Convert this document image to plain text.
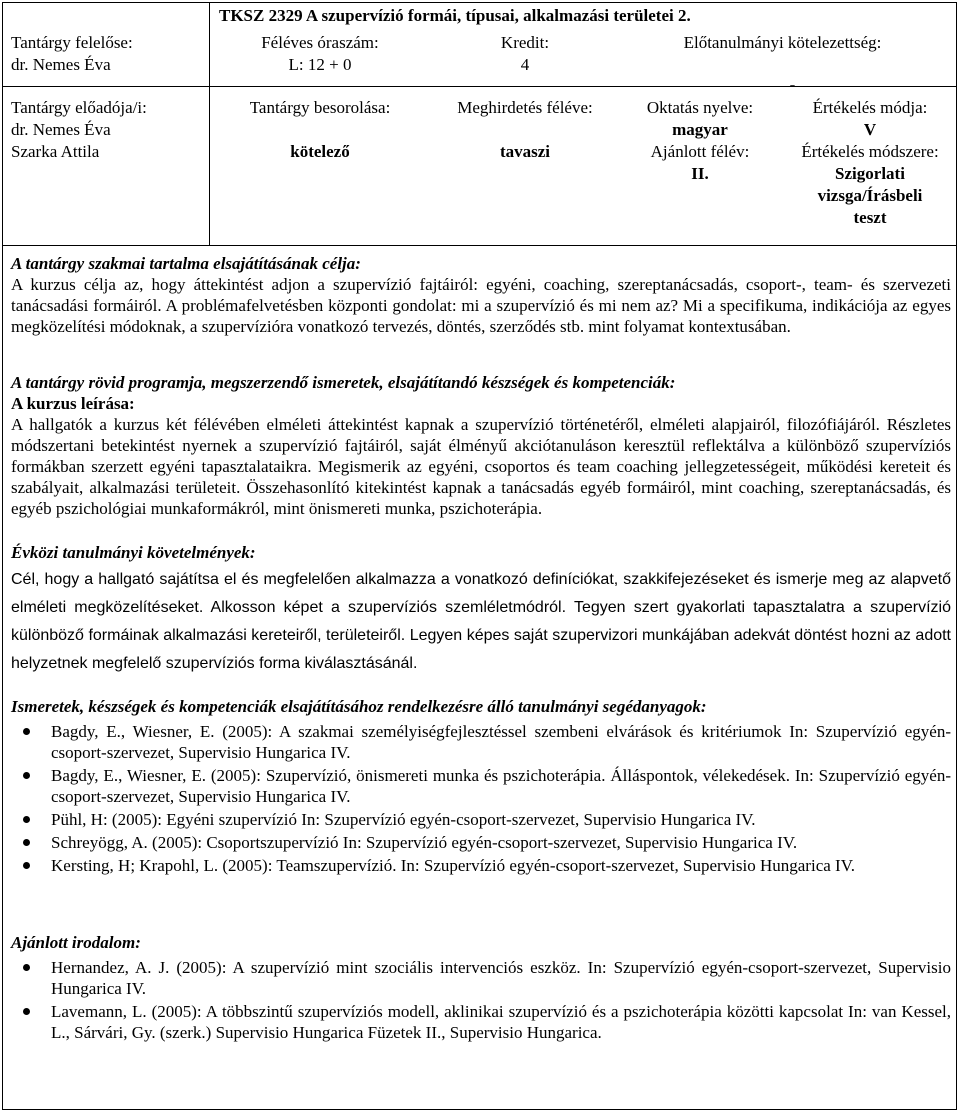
TKSZ 2329 A szupervízió formái, típusai, alkalmazási területei 2.
Tantárgy felelőse:
dr. Nemes Éva
Féléves óraszám:
L: 12 + 0
Kredit:
4
Előtanulmányi kötelezettség:
-
Tantárgy előadója/i:
dr. Nemes Éva
Szarka Attila
Tantárgy besorolása:
kötelező
Meghirdetés féléve:
tavaszi
Oktatás nyelve:
magyar
Ajánlott félév:
II.
Értékelés módja:
V
Értékelés módszere:
Szigorlati
vizsga/Írásbeli
teszt
A tantárgy szakmai tartalma elsajátításának célja:
A kurzus célja az, hogy áttekintést adjon a szupervízió fajtáiról: egyéni, coaching, szereptanácsadás, csoport-, team- és szervezeti tanácsadási formáiról. A problémafelvetésben központi gondolat: mi a szupervízió és mi nem az? Mi a specifikuma, indikációja az egyes megközelítési módoknak, a szupervízióra vonatkozó tervezés, döntés, szerződés stb. mint folyamat kontextusában.
A tantárgy rövid programja, megszerzendő ismeretek, elsajátítandó készségek és kompetenciák:
A kurzus leírása:
A hallgatók a kurzus két félévében elméleti áttekintést kapnak a szupervízió történetéről, elméleti alapjairól, filozófiájáról. Részletes módszertani betekintést nyernek a szupervízió fajtáiról, saját élményű akciótanuláson keresztül reflektálva a különböző szupervíziós formákban szerzett egyéni tapasztalataikra. Megismerik az egyéni, csoportos és team coaching jellegzetességeit, működési kereteit és szabályait, alkalmazási területeit. Összehasonlító kitekintést kapnak a tanácsadás egyéb formáiról, mint coaching, szereptanácsadás, és egyéb pszichológiai munkaformákról, mint önismereti munka, pszichoterápia.
Évközi tanulmányi követelmények:
Cél, hogy a hallgató sajátítsa el és megfelelően alkalmazza a vonatkozó definíciókat, szakkifejezéseket és ismerje meg az alapvető elméleti megközelítéseket. Alkosson képet a szupervíziós szemléletmódról. Tegyen szert gyakorlati tapasztalatra a szupervízió különböző formáinak alkalmazási kereteiről, területeiről. Legyen képes saját szupervizori munkájában adekvát döntést hozni az adott helyzetnek megfelelő szupervíziós forma kiválasztásánál.
Ismeretek, készségek és kompetenciák elsajátításához rendelkezésre álló tanulmányi segédanyagok:
Bagdy, E., Wiesner, E. (2005): A szakmai személyiségfejlesztéssel szembeni elvárások és kritériumok In: Szupervízió egyén-csoport-szervezet, Supervisio Hungarica IV.
Bagdy, E., Wiesner, E. (2005): Szupervízió, önismereti munka és pszichoterápia. Álláspontok, vélekedések. In: Szupervízió egyén-csoport-szervezet, Supervisio Hungarica IV.
Pühl, H: (2005): Egyéni szupervízió In: Szupervízió egyén-csoport-szervezet, Supervisio Hungarica IV.
Schreyögg, A. (2005): Csoportszupervízió In: Szupervízió egyén-csoport-szervezet, Supervisio Hungarica IV.
Kersting, H; Krapohl, L. (2005): Teamszupervízió. In: Szupervízió egyén-csoport-szervezet, Supervisio Hungarica IV.
Ajánlott irodalom:
Hernandez, A. J. (2005): A szupervízió mint szociális intervenciós eszköz. In: Szupervízió egyén-csoport-szervezet, Supervisio Hungarica IV.
Lavemann, L. (2005): A többszintű szupervíziós modell, aklinikai szupervízió és a pszichoterápia közötti kapcsolat In: van Kessel, L., Sárvári, Gy. (szerk.) Supervisio Hungarica Füzetek II., Supervisio Hungarica.
